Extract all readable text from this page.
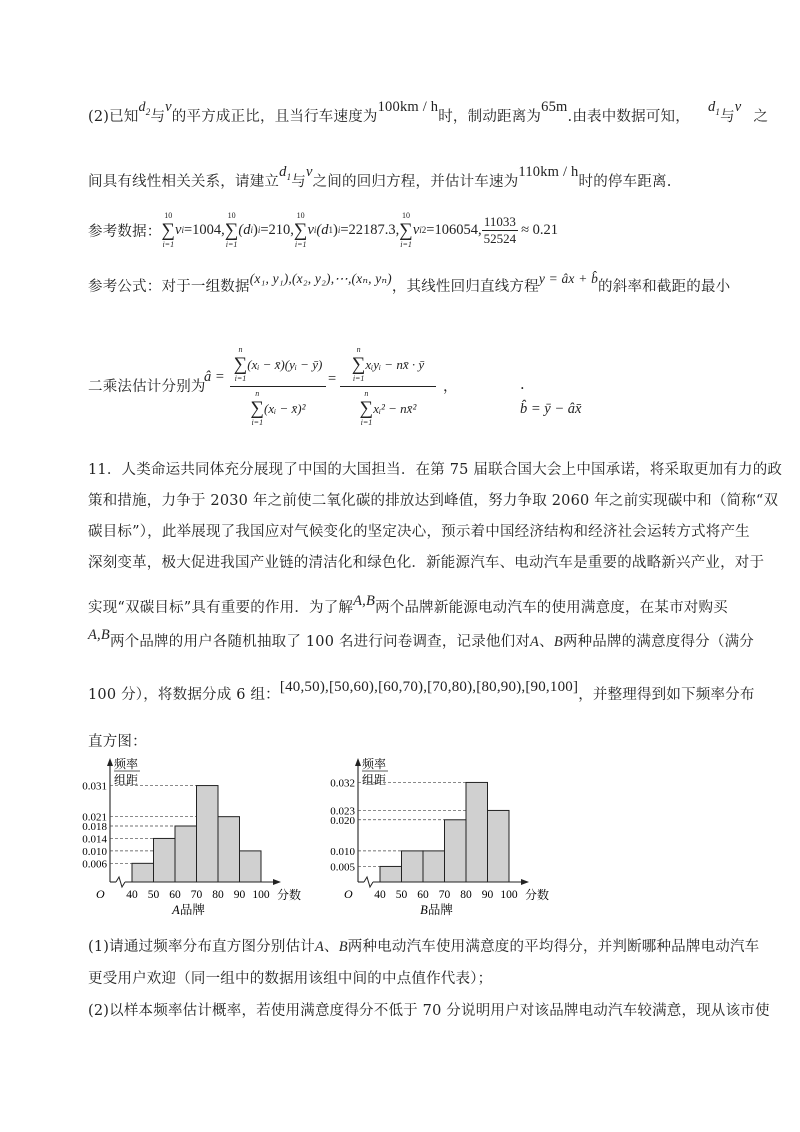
(2)已知$d_2$与v的平方成正比，且当行车速度为100km / h时，制动距离为65m.由表中数据可知，$d_1$与v之
间具有线性相关关系，请建立$d_1$与v之间的回归方程，并估计车速为110km / h时的停车距离.
参考数据：
10
∑
i=1
v i =1004,
10
∑
i=1
(d i ) i =210,
10
∑
i=1
v i (d 1 ) i =22187.3,
10
∑
i=1
v i 2 =106054, $\frac{11033}{52524} \approx 0.21$
参考公式：对于一组数据 (x₁, y₁),(x₂, y₂),⋯,(xₙ, yₙ) ，其线性回归直线方程 y = âx + b̂ 的斜率和截距的最小
二乘法估计分别为
â =
n
∑
i=1
(xᵢ − x̄)(yᵢ − ȳ)
n
∑
i=1
(xᵢ − x̄)²
=
n
∑
i=1
xᵢyᵢ − nx̄ · ȳ
n
∑
i=1
xᵢ² − nx̄²
，
b̂ = ȳ − âx̄
.
11．人类命运共同体充分展现了中国的大国担当．在第 75 届联合国大会上中国承诺，将采取更加有力的政
策和措施，力争于 2030 年之前使二氧化碳的排放达到峰值，努力争取 2060 年之前实现碳中和（简称“双
碳目标”），此举展现了我国应对气候变化的坚定决心，预示着中国经济结构和经济社会运转方式将产生
深刻变革，极大促进我国产业链的清洁化和绿色化．新能源汽车、电动汽车是重要的战略新兴产业，对于
实现“双碳目标”具有重要的作用．为了解A,B两个品牌新能源电动汽车的使用满意度，在某市对购买
A,B两个品牌的用户各随机抽取了 100 名进行问卷调查，记录他们对A、B两种品牌的满意度得分（满分
100 分），将数据分成 6 组：[40,50),[50,60),[60,70),[70,80),[80,90),[90,100]，并整理得到如下频率分布
直方图：
频率
组距
分数
O
0.031
0.021
0.018
0.014
0.010
0.006
40 50 60 70 80 90 100
A品牌
频率
组距
分数
O
0.032
0.023
0.020
0.010
0.005
40 50 60 70 80 90 100
B品牌
(1)请通过频率分布直方图分别估计A、B两种电动汽车使用满意度的平均得分，并判断哪种品牌电动汽车
更受用户欢迎（同一组中的数据用该组中间的中点值作代表）；
(2)以样本频率估计概率，若使用满意度得分不低于 70 分说明用户对该品牌电动汽车较满意，现从该市使
